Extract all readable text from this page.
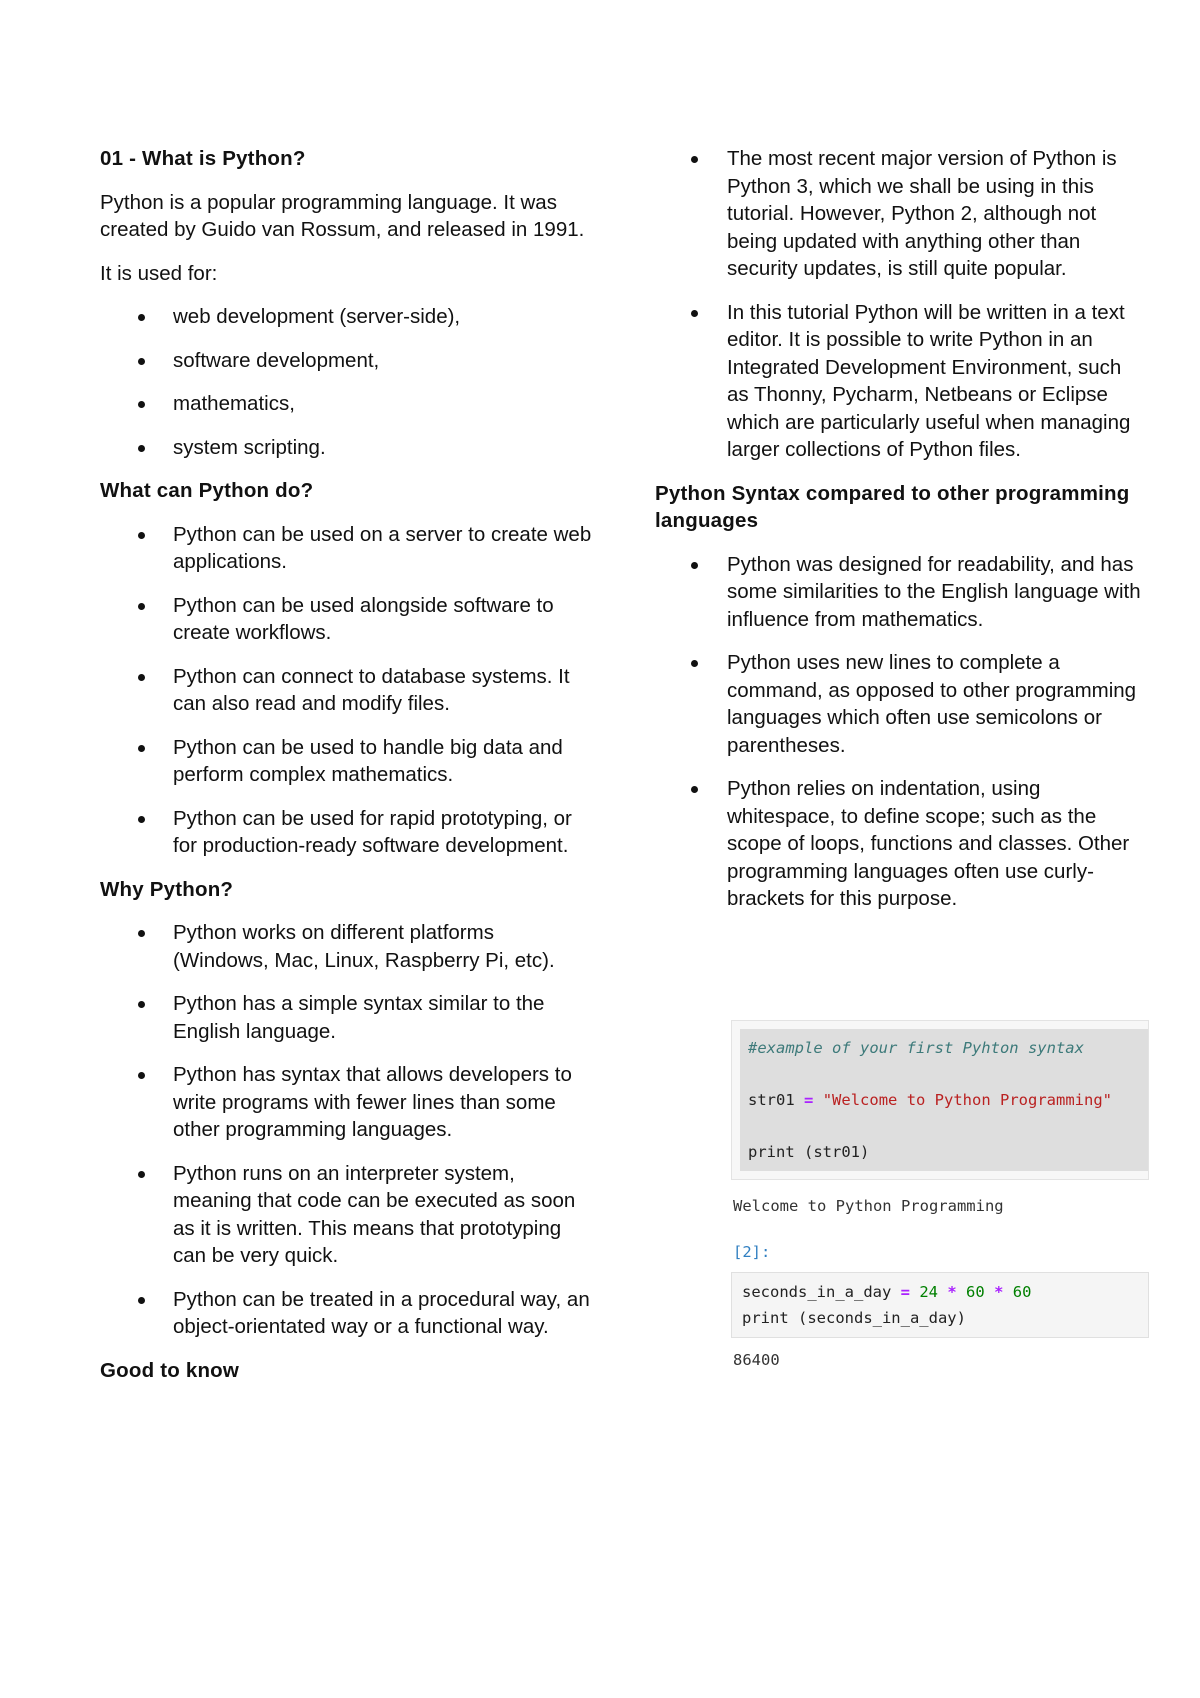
01 - What is Python?
Python is a popular programming language. It was created by Guido van Rossum, and released in 1991.
It is used for:
web development (server-side),
software development,
mathematics,
system scripting.
What can Python do?
Python can be used on a server to create web applications.
Python can be used alongside software to create workflows.
Python can connect to database systems. It can also read and modify files.
Python can be used to handle big data and perform complex mathematics.
Python can be used for rapid prototyping, or for production-ready software development.
Why Python?
Python works on different platforms (Windows, Mac, Linux, Raspberry Pi, etc).
Python has a simple syntax similar to the English language.
Python has syntax that allows developers to write programs with fewer lines than some other programming languages.
Python runs on an interpreter system, meaning that code can be executed as soon as it is written. This means that prototyping can be very quick.
Python can be treated in a procedural way, an object-orientated way or a functional way.
Good to know
The most recent major version of Python is Python 3, which we shall be using in this tutorial. However, Python 2, although not being updated with anything other than security updates, is still quite popular.
In this tutorial Python will be written in a text editor. It is possible to write Python in an Integrated Development Environment, such as Thonny, Pycharm, Netbeans or Eclipse which are particularly useful when managing larger collections of Python files.
Python Syntax compared to other programming languages
Python was designed for readability, and has some similarities to the English language with influence from mathematics.
Python uses new lines to complete a command, as opposed to other programming languages which often use semicolons or parentheses.
Python relies on indentation, using whitespace, to define scope; such as the scope of loops, functions and classes. Other programming languages often use curly-brackets for this purpose.
#example of your first Pyhton syntax
str01 = "Welcome to Python Programming"
print (str01)
Welcome to Python Programming
[2]:
seconds_in_a_day = 24 * 60 * 60
print (seconds_in_a_day)
86400
